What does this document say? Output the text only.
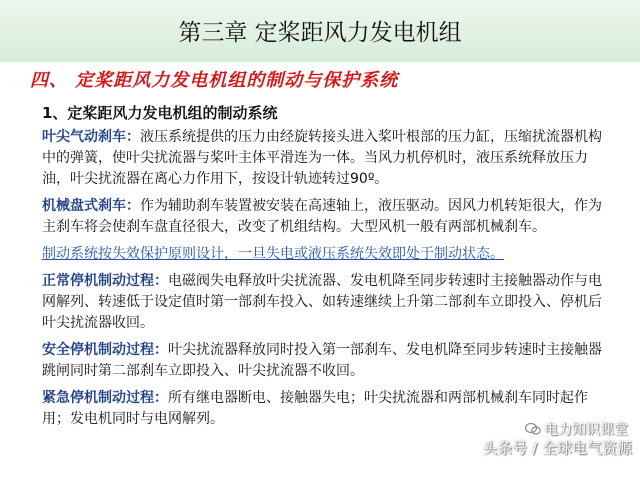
第三章 定桨距风力发电机组
四、 定桨距风力发电机组的制动与保护系统
1、定桨距风力发电机组的制动系统

叶尖气动刹车：液压系统提供的压力由经旋转接头进入桨叶根部的压力缸，压缩扰流器机构中的弹簧，使叶尖扰流器与桨叶主体平滑连为一体。当风力机停机时，液压系统释放压力油，叶尖扰流器在离心力作用下，按设计轨迹转过90º。

机械盘式刹车：作为辅助刹车装置被安装在高速轴上，液压驱动。因风力机转矩很大，作为主刹车将会使刹车盘直径很大，改变了机组结构。大型风机一般有两部机械刹车。

制动系统按失效保护原则设计，一旦失电或液压系统失效即处于制动状态。

正常停机制动过程：电磁阀失电释放叶尖扰流器、发电机降至同步转速时主接触器动作与电网解列、转速低于设定值时第一部刹车投入、如转速继续上升第二部刹车立即投入、停机后叶尖扰流器收回。

安全停机制动过程：叶尖扰流器释放同时投入第一部刹车、发电机降至同步转速时主接触器跳闸同时第二部刹车立即投入、叶尖扰流器不收回。

紧急停机制动过程：所有继电器断电、接触器失电；叶尖扰流器和两部机械刹车同时起作用；发电机同时与电网解列。

电力知识课堂
头条号 / 全球电气资源
